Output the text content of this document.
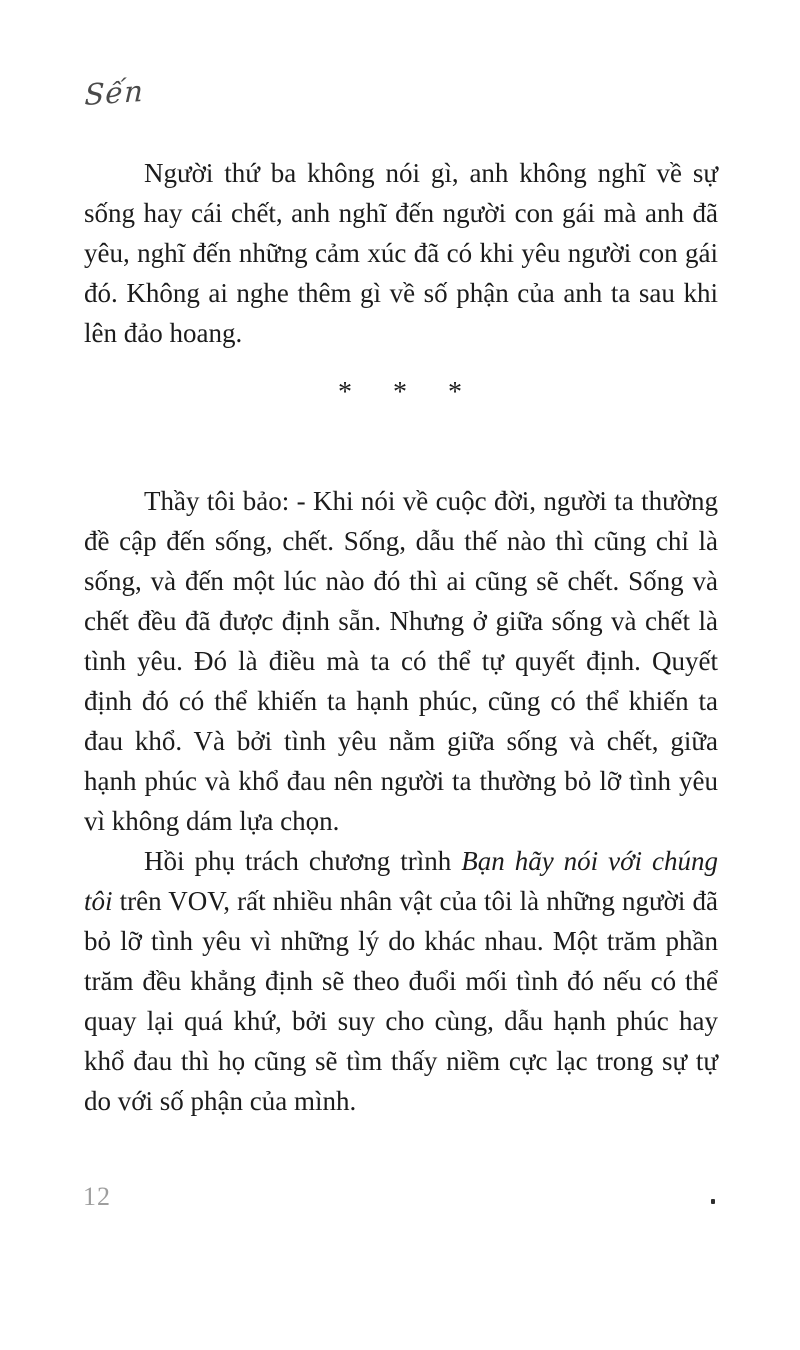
Sến

Người thứ ba không nói gì, anh không nghĩ về sự sống hay cái chết, anh nghĩ đến người con gái mà anh đã yêu, nghĩ đến những cảm xúc đã có khi yêu người con gái đó. Không ai nghe thêm gì về số phận của anh ta sau khi lên đảo hoang.

* * *

Thầy tôi bảo: - Khi nói về cuộc đời, người ta thường đề cập đến sống, chết. Sống, dẫu thế nào thì cũng chỉ là sống, và đến một lúc nào đó thì ai cũng sẽ chết. Sống và chết đều đã được định sẵn. Nhưng ở giữa sống và chết là tình yêu. Đó là điều mà ta có thể tự quyết định. Quyết định đó có thể khiến ta hạnh phúc, cũng có thể khiến ta đau khổ. Và bởi tình yêu nằm giữa sống và chết, giữa hạnh phúc và khổ đau nên người ta thường bỏ lỡ tình yêu vì không dám lựa chọn.

Hồi phụ trách chương trình Bạn hãy nói với chúng tôi trên VOV, rất nhiều nhân vật của tôi là những người đã bỏ lỡ tình yêu vì những lý do khác nhau. Một trăm phần trăm đều khẳng định sẽ theo đuổi mối tình đó nếu có thể quay lại quá khứ, bởi suy cho cùng, dẫu hạnh phúc hay khổ đau thì họ cũng sẽ tìm thấy niềm cực lạc trong sự tự do với số phận của mình.

12
